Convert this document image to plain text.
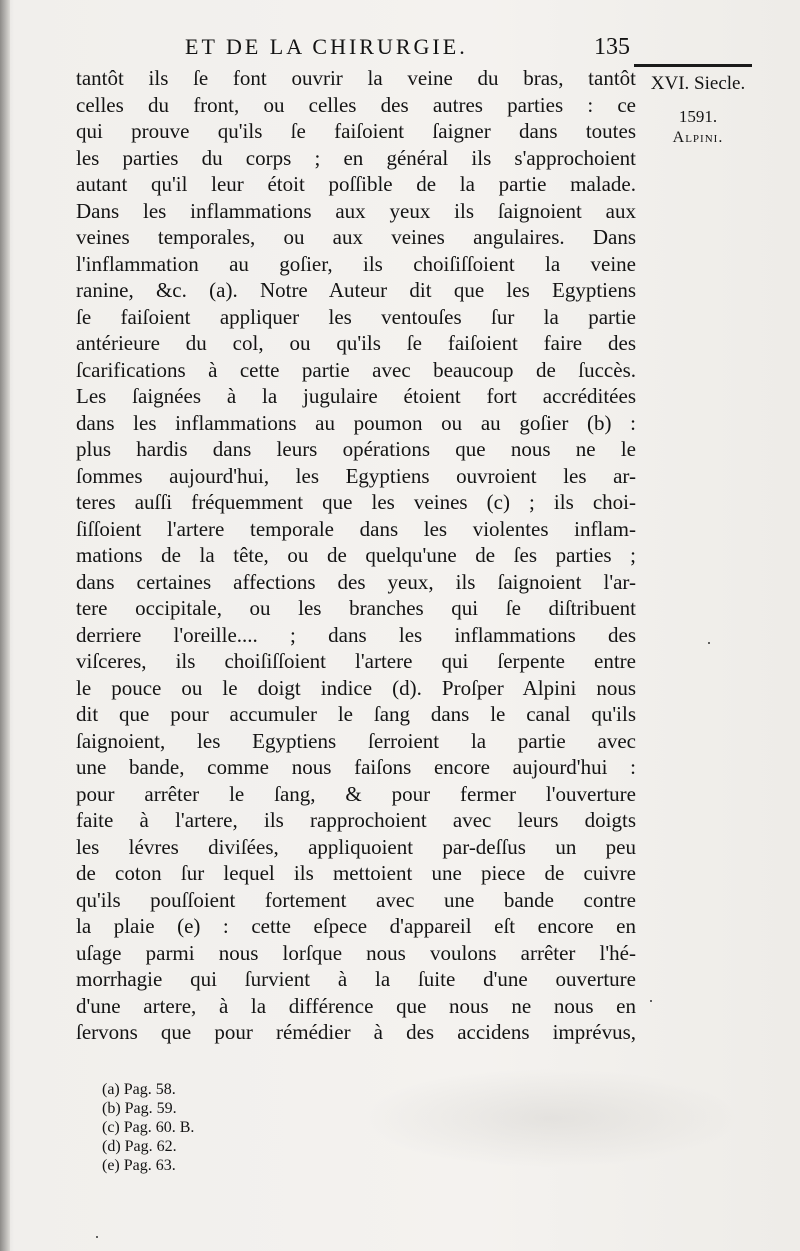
ET DE LA CHIRURGIE.	135
XVI. Siecle.
1591.
Alpini.
tantôt ils ſe font ouvrir la veine du bras, tantôt
celles du front, ou celles des autres parties : ce
qui prouve qu'ils ſe faiſoient ſaigner dans toutes
les parties du corps ; en général ils s'approchoient
autant qu'il leur étoit poſſible de la partie malade.
Dans les inflammations aux yeux ils ſaignoient aux
veines temporales, ou aux veines angulaires. Dans
l'inflammation au goſier, ils choiſiſſoient la veine
ranine, &c. (a). Notre Auteur dit que les Egyptiens
ſe faiſoient appliquer les ventouſes ſur la partie
antérieure du col, ou qu'ils ſe faiſoient faire des
ſcarifications à cette partie avec beaucoup de ſuccès.
Les ſaignées à la jugulaire étoient fort accréditées
dans les inflammations au poumon ou au goſier (b) :
plus hardis dans leurs opérations que nous ne le
ſommes aujourd'hui, les Egyptiens ouvroient les ar-
teres auſſi fréquemment que les veines (c) ; ils choi-
ſiſſoient l'artere temporale dans les violentes inflam-
mations de la tête, ou de quelqu'une de ſes parties ;
dans certaines affections des yeux, ils ſaignoient l'ar-
tere occipitale, ou les branches qui ſe diſtribuent
derriere l'oreille.... ; dans les inflammations des
viſceres, ils choiſiſſoient l'artere qui ſerpente entre
le pouce ou le doigt indice (d). Proſper Alpini nous
dit que pour accumuler le ſang dans le canal qu'ils
ſaignoient, les Egyptiens ſerroient la partie avec
une bande, comme nous faiſons encore aujourd'hui :
pour arrêter le ſang, & pour fermer l'ouverture
faite à l'artere, ils rapprochoient avec leurs doigts
les lévres diviſées, appliquoient par-deſſus un peu
de coton ſur lequel ils mettoient une piece de cuivre
qu'ils pouſſoient fortement avec une bande contre
la plaie (e) : cette eſpece d'appareil eſt encore en
uſage parmi nous lorſque nous voulons arrêter l'hé-
morrhagie qui ſurvient à la ſuite d'une ouverture
d'une artere, à la différence que nous ne nous en
ſervons que pour rémédier à des accidens imprévus,
(a) Pag. 58.
(b) Pag. 59.
(c) Pag. 60. B.
(d) Pag. 62.
(e) Pag. 63.
